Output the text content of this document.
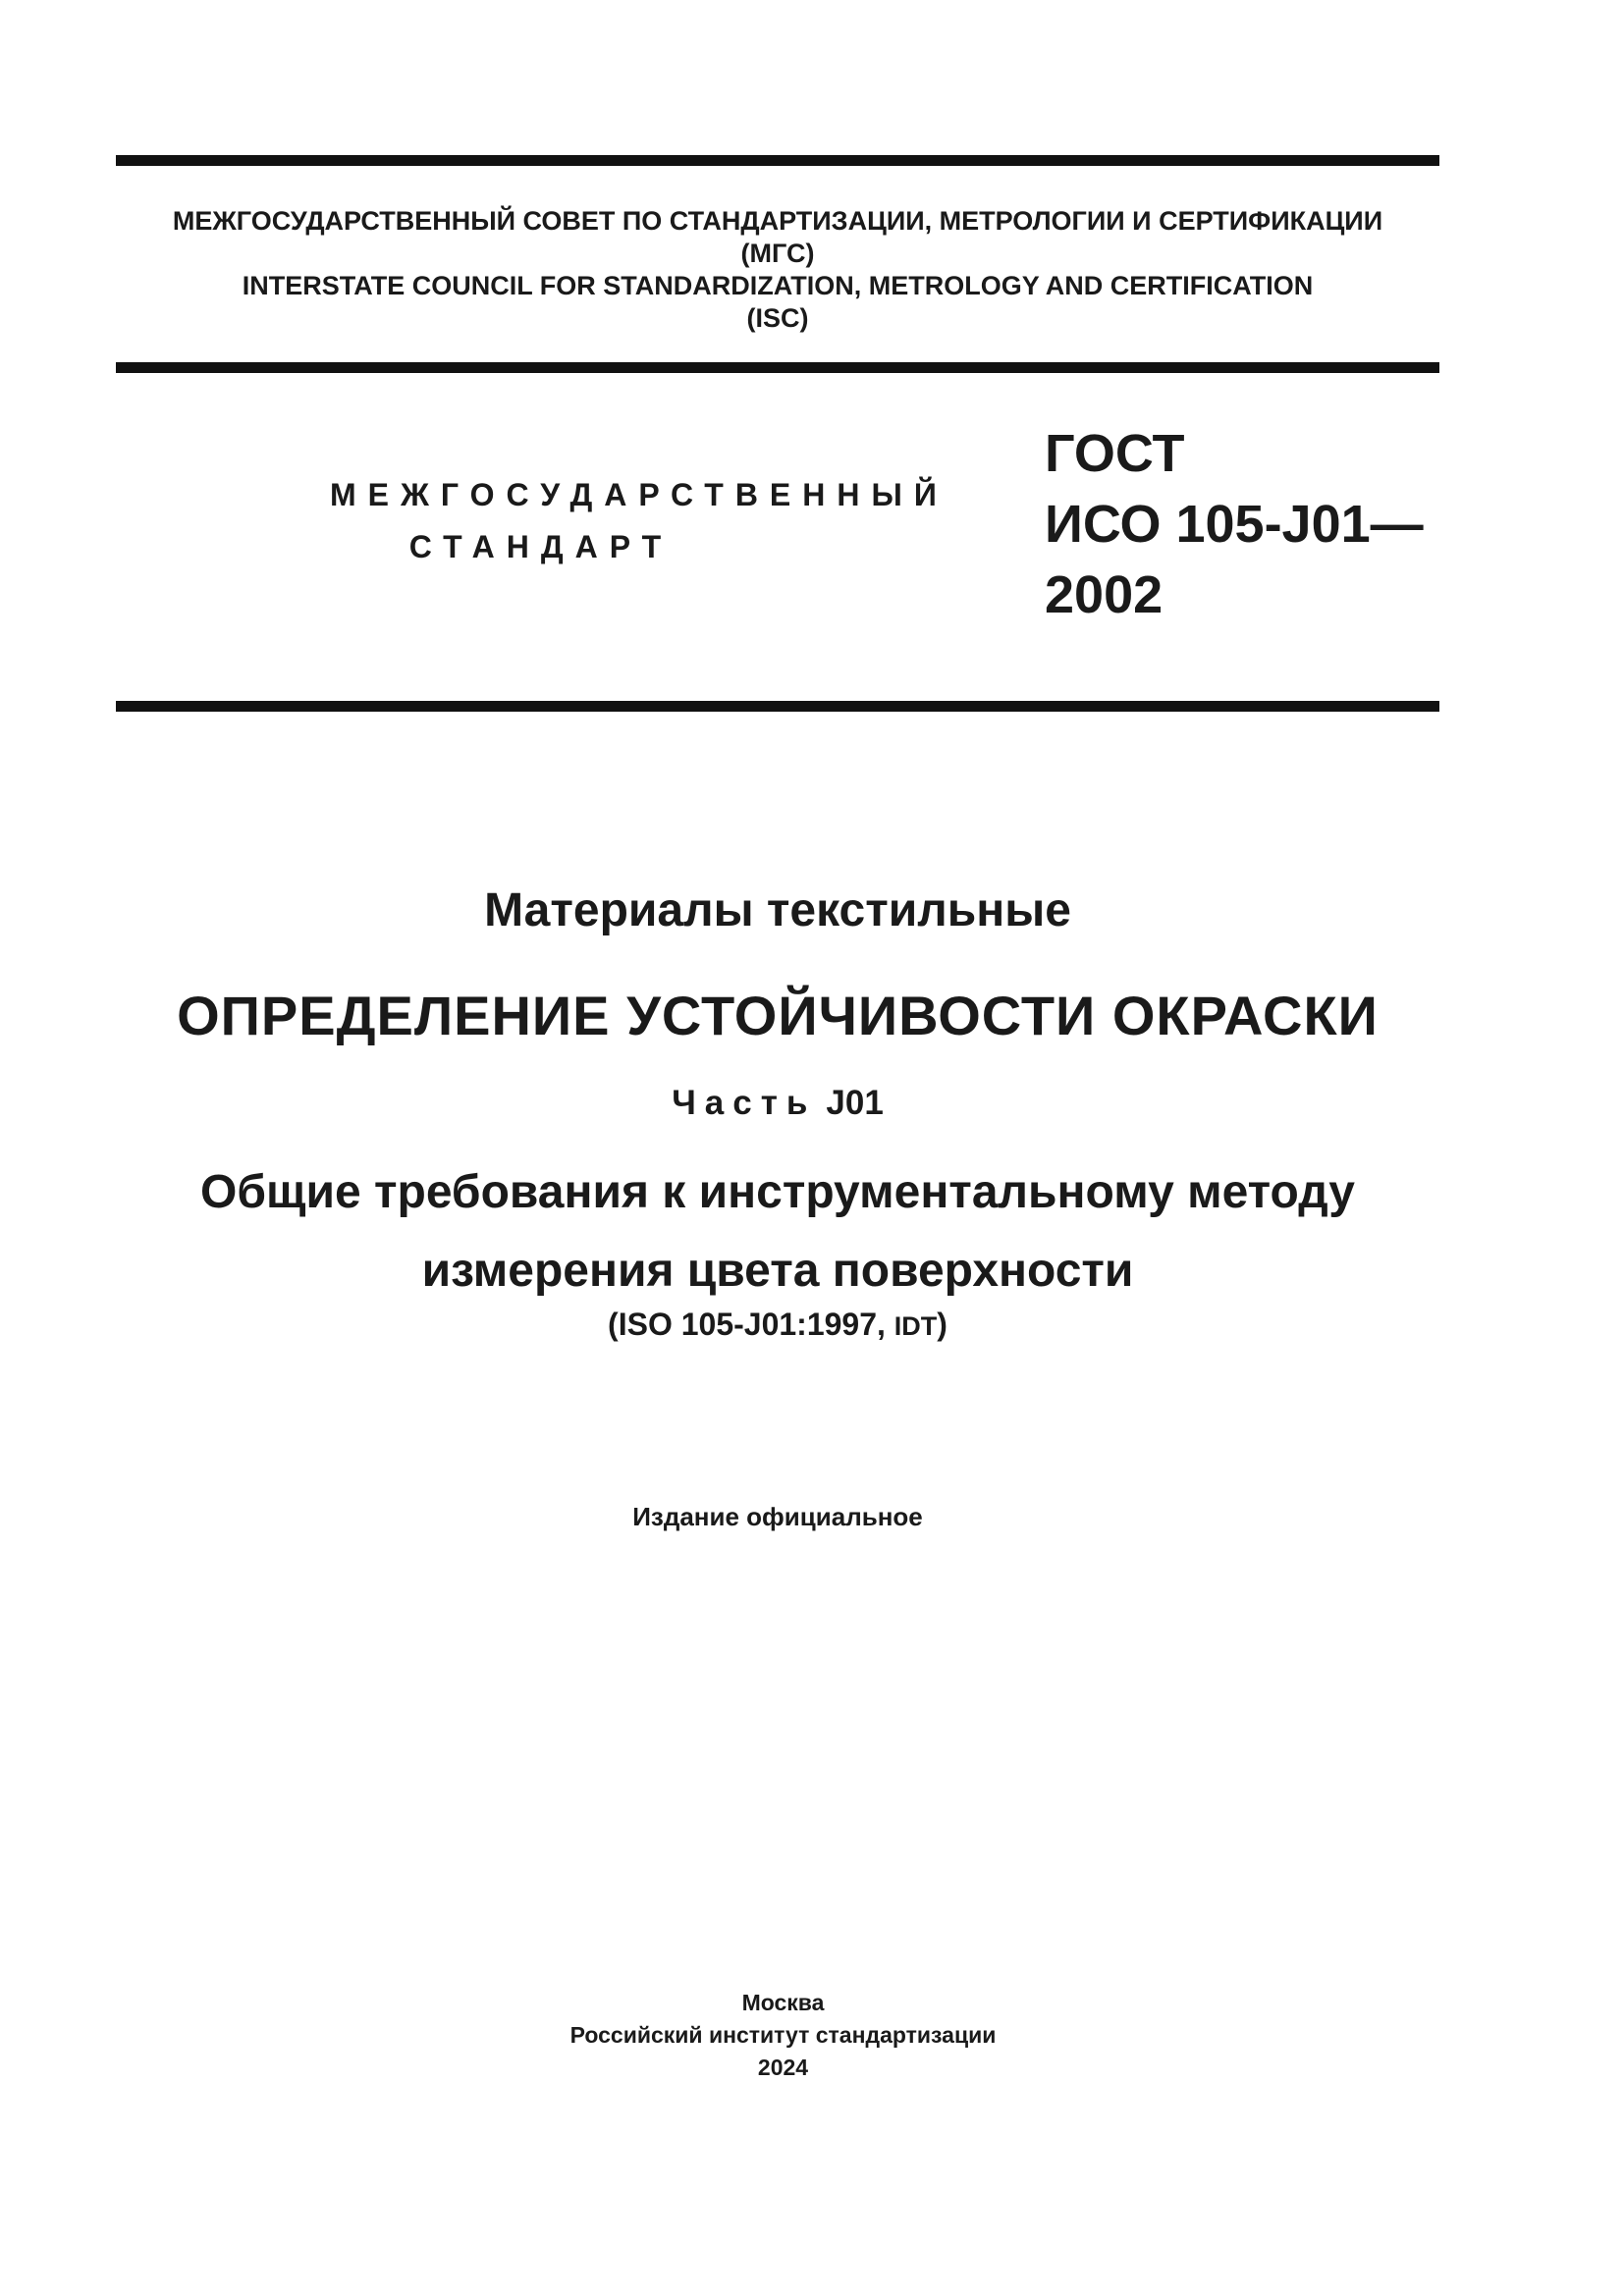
МЕЖГОСУДАРСТВЕННЫЙ СОВЕТ ПО СТАНДАРТИЗАЦИИ, МЕТРОЛОГИИ И СЕРТИФИКАЦИИ
(МГС)
INTERSTATE COUNCIL FOR STANDARDIZATION, METROLOGY AND CERTIFICATION
(ISC)
МЕЖГОСУДАРСТВЕННЫЙ
СТАНДАРТ
ГОСТ
ИСО 105-J01—
2002
Материалы текстильные
ОПРЕДЕЛЕНИЕ УСТОЙЧИВОСТИ ОКРАСКИ
Часть J01
Общие требования к инструментальному методу
измерения цвета поверхности
(ISO 105-J01:1997, IDT)
Издание официальное
Москва
Российский институт стандартизации
2024
